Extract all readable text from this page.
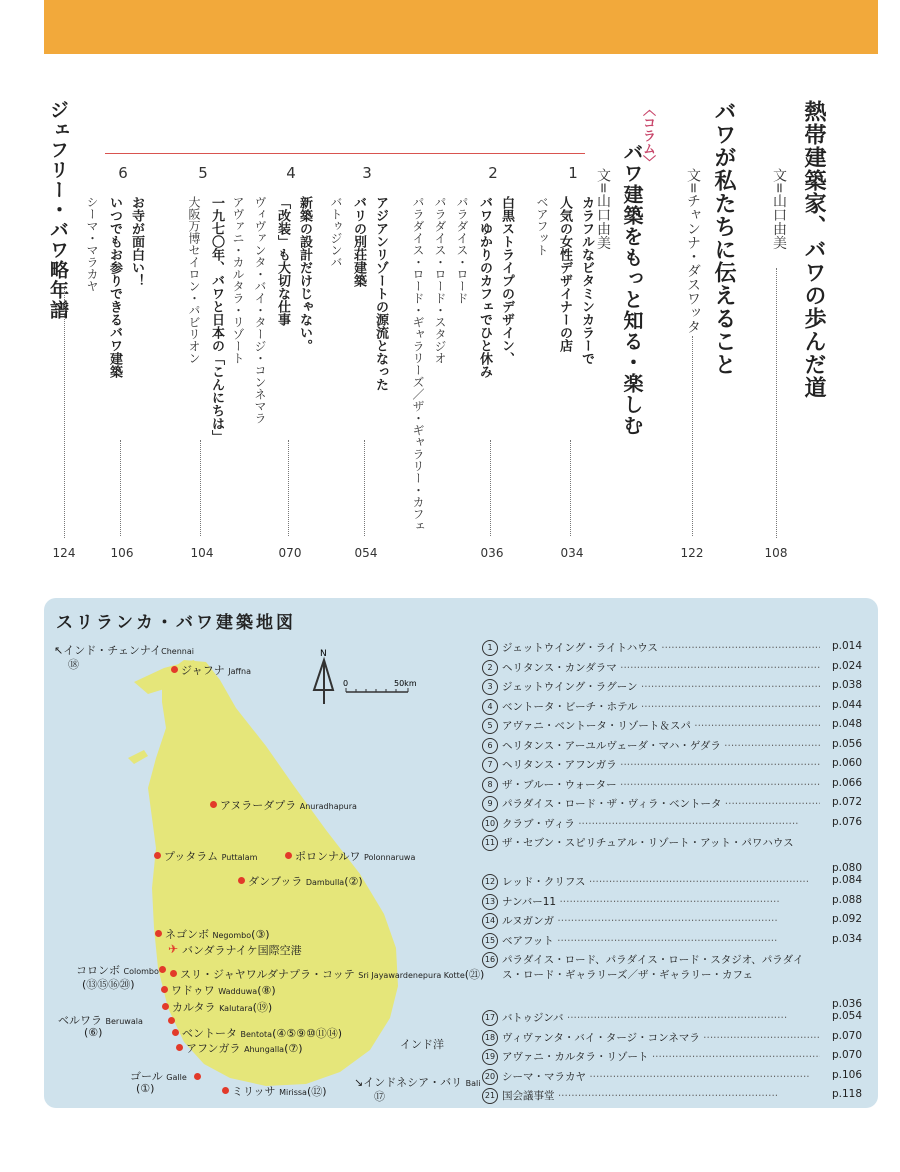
熱帯建築家、バワの歩んだ道
文=山口由美
108
バワが私たちに伝えること
文=チャンナ・ダスワッタ
122
〈コラム〉
バワ建築をもっと知る・楽しむ
文=山口由美
1
カラフルなビタミンカラーで
人気の女性デザイナーの店
ベアフット
034
2
白黒ストライプのデザイン、
バワゆかりのカフェでひと休み
パラダイス・ロード
パラダイス・ロード・スタジオ
パラダイス・ロード・ギャラリーズ／ザ・ギャラリー・カフェ
036
3
アジアンリゾートの源流となった
バリの別荘建築
バトゥジンバ
054
4
新築の設計だけじゃない。
「改装」も大切な仕事
ヴィヴァンタ・バイ・タージ・コンネマラ
アヴァニ・カルタラ・リゾート
070
5
一九七〇年、バワと日本の「こんにちは」
大阪万博セイロン・パビリオン
104
6
お寺が面白い！
いつでもお参りできるバワ建築
シーマ・マラカヤ
106
ジェフリー・バワ略年譜
124
スリランカ・バワ建築地図
N
0	50km
↖インド・チェンナイChennai
⑱	ジャフナ Jaffna
アヌラーダプラ Anuradhapura
プッタラム Puttalam	ポロンナルワ Polonnaruwa
ダンブッラ Dambulla(②)
ネゴンボ Negombo(③)
✈ バンダラナイケ国際空港
コロンボ Colombo
(⑬⑮⑯⑳)
スリ・ジャヤワルダナプラ・コッテ Sri Jayawardenepura Kotte(㉑)
ワドゥワ Wadduwa(⑧)
カルタラ Kalutara(⑲)
ベルワラ Beruwala
(⑥)	ベントータ Bentota(④⑤⑨⑩⑪⑭)
アフンガラ Ahungalla(⑦)	インド洋
ゴール Galle
(①)	ミリッサ Mirissa(⑫)
↘インドネシア・バリ Bali
⑰
1 ジェットウイング・ライトハウス ·····	p.014
2 ヘリタンス・カンダラマ ·····	p.024
3 ジェットウイング・ラグーン ·····	p.038
4 ベントータ・ビーチ・ホテル ·····	p.044
5 アヴァニ・ベントータ・リゾート＆スパ ·····	p.048
6 ヘリタンス・アーユルヴェーダ・マハ・ゲダラ ·····	p.056
7 ヘリタンス・アフンガラ ·····	p.060
8 ザ・ブルー・ウォーター ·····	p.066
9 パラダイス・ロード・ザ・ヴィラ・ベントータ ·····	p.072
10 クラブ・ヴィラ ·····	p.076
11 ザ・セブン・スピリチュアル・リゾート・アット・パワハウス
p.080
12 レッド・クリフス ·····	p.084
13 ナンバー11 ·····	p.088
14 ルヌガンガ ·····	p.092
15 ベアフット ·····	p.034
16 パラダイス・ロード、パラダイス・ロード・スタジオ、パラダイス・ロード・ギャラリーズ／ザ・ギャラリー・カフェ
p.036
17 バトゥジンバ ·····	p.054
18 ヴィヴァンタ・バイ・タージ・コンネマラ ·····	p.070
19 アヴァニ・カルタラ・リゾート ·····	p.070
20 シーマ・マラカヤ ·····	p.106
21 国会議事堂 ·····	p.118
